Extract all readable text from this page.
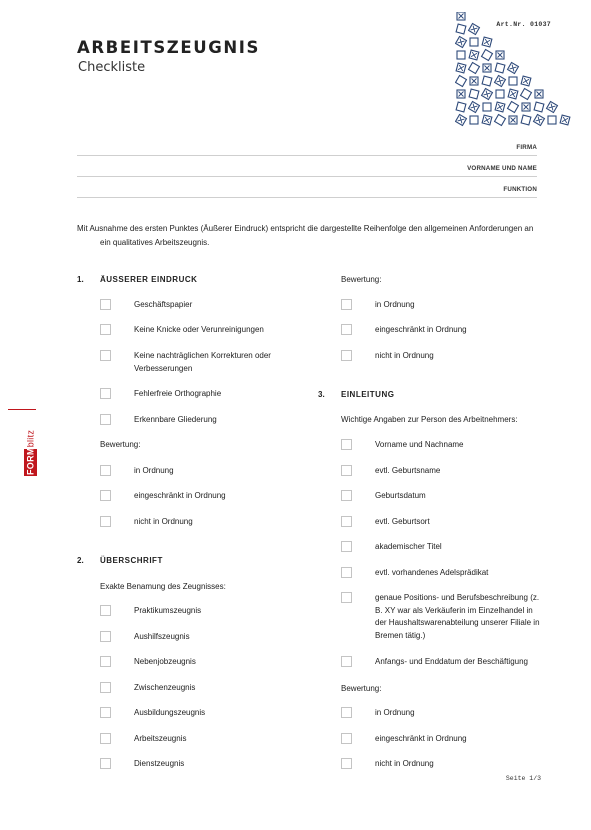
ARBEITSZEUGNIS
Checkliste
Art.Nr. 01037
FIRMA
VORNAME UND NAME
FUNKTION
Mit Ausnahme des ersten Punktes (Äußerer Eindruck) entspricht die dargestellte Reihenfolge den allgemeinen Anforderungen an ein qualitatives Arbeitszeugnis.
1. ÄUSSERER EINDRUCK
Geschäftspapier
Keine Knicke oder Verunreinigungen
Keine nachträglichen Korrekturen oder Verbesserungen
Fehlerfreie Orthographie
Erkennbare Gliederung
Bewertung:
in Ordnung
eingeschränkt in Ordnung
nicht in Ordnung
2. ÜBERSCHRIFT
Exakte Benamung des Zeugnisses:
Praktikumszeugnis
Aushilfszeugnis
Nebenjobzeugnis
Zwischenzeugnis
Ausbildungszeugnis
Arbeitszeugnis
Dienstzeugnis
Bewertung:
in Ordnung
eingeschränkt in Ordnung
nicht in Ordnung
3. EINLEITUNG
Wichtige Angaben zur Person des Arbeitnehmers:
Vorname und Nachname
evtl. Geburtsname
Geburtsdatum
evtl. Geburtsort
akademischer Titel
evtl. vorhandenes Adelsprädikat
genaue Positions- und Berufsbeschreibung (z. B. XY war als Verkäuferin im Einzelhandel in der Haushaltswarenabteilung unserer Filiale in Bremen tätig.)
Anfangs- und Enddatum der Beschäftigung
Bewertung:
in Ordnung
eingeschränkt in Ordnung
nicht in Ordnung
FORMblitz
Seite 1/3
